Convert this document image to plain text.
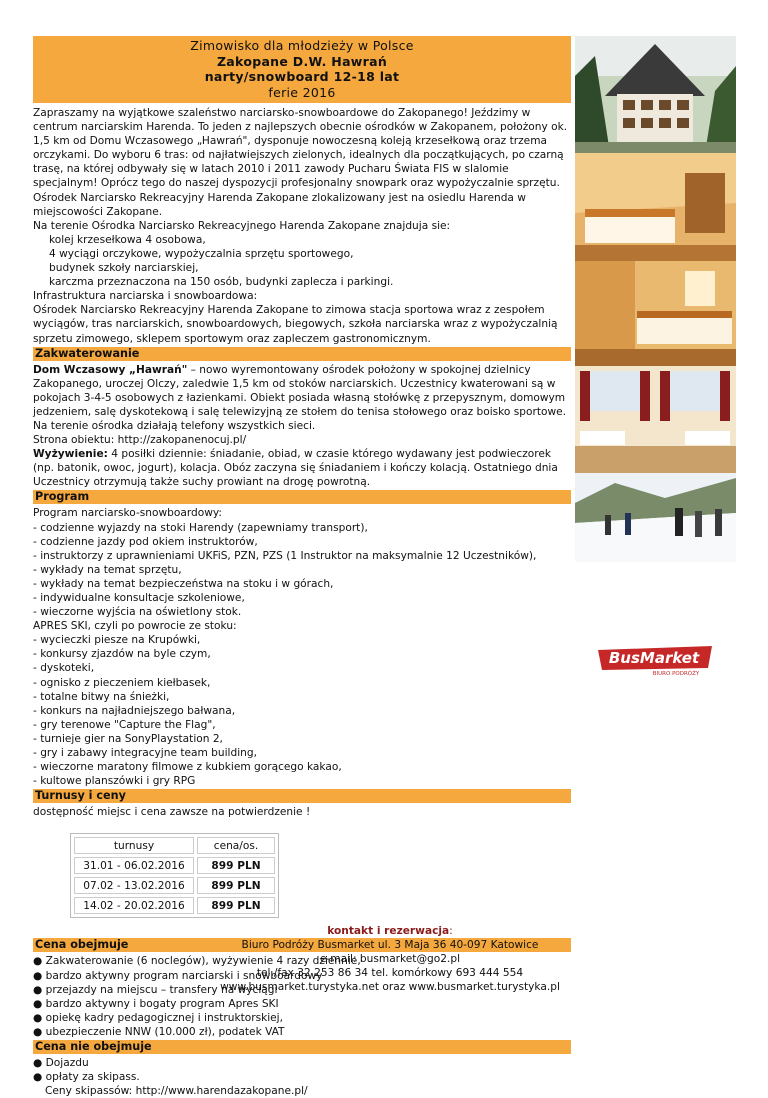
Zimowisko dla młodzieży w Polsce
Zakopane D.W. Hawrań
narty/snowboard 12-18 lat
ferie 2016
Zapraszamy na wyjątkowe szaleństwo narciarsko-snowboardowe do Zakopanego! Jeździmy w centrum narciarskim Harenda. To jeden z najlepszych obecnie ośrodków w Zakopanem, położony ok. 1,5 km od Domu Wczasowego „Hawrań", dysponuje nowoczesną koleją krzesełkową oraz trzema orczykami. Do wyboru 6 tras: od najłatwiejszych zielonych, idealnych dla początkujących, po czarną trasę, na której odbywały się w latach 2010 i 2011 zawody Pucharu Świata FIS w slalomie specjalnym! Oprócz tego do naszej dyspozycji profesjonalny snowpark oraz wypożyczalnie sprzętu.
Ośrodek Narciarsko Rekreacyjny Harenda Zakopane zlokalizowany jest na osiedlu Harenda w miejscowości Zakopane.
Na terenie Ośrodka Narciarsko Rekreacyjnego Harenda Zakopane znajduja sie:
kolej krzesełkowa 4 osobowa,
4 wyciągi orczykowe, wypożyczalnia sprzętu sportowego,
budynek szkoły narciarskiej,
karczma przeznaczona na 150 osób, budynki zaplecza i parkingi.
Infrastruktura narciarska i snowboardowa:
Ośrodek Narciarsko Rekreacyjny Harenda Zakopane to zimowa stacja sportowa wraz z zespołem wyciągów, tras narciarskich, snowboardowych, biegowych, szkoła narciarska wraz z wypożyczalnią sprzetu zimowego, sklepem sportowym oraz zapleczem gastronomicznym.
Zakwaterowanie
Dom Wczasowy „Hawrań" – nowo wyremontowany ośrodek położony w spokojnej dzielnicy Zakopanego, uroczej Olczy, zaledwie 1,5 km od stoków narciarskich. Uczestnicy kwaterowani są w pokojach 3-4-5 osobowych z łazienkami. Obiekt posiada własną stołówkę z przepysznym, domowym jedzeniem, salę dyskotekową i salę telewizyjną ze stołem do tenisa stołowego oraz boisko sportowe. Na terenie ośrodka działają telefony wszystkich sieci.
Strona obiektu: http://zakopanenocuj.pl/
Wyżywienie: 4 posiłki dziennie: śniadanie, obiad, w czasie którego wydawany jest podwieczorek (np. batonik, owoc, jogurt), kolacja. Obóz zaczyna się śniadaniem i kończy kolacją. Ostatniego dnia Uczestnicy otrzymują także suchy prowiant na drogę powrotną.
Program
Program narciarsko-snowboardowy:
- codzienne wyjazdy na stoki Harendy (zapewniamy transport),
- codzienne jazdy pod okiem instruktorów,
- instruktorzy z uprawnieniami UKFiS, PZN, PZS (1 Instruktor na maksymalnie 12 Uczestników),
- wykłady na temat sprzętu,
- wykłady na temat bezpieczeństwa na stoku i w górach,
- indywidualne konsultacje szkoleniowe,
- wieczorne wyjścia na oświetlony stok.
APRES SKI, czyli po powrocie ze stoku:
- wycieczki piesze na Krupówki,
- konkursy zjazdów na byle czym,
- dyskoteki,
- ognisko z pieczeniem kiełbasek,
- totalne bitwy na śnieżki,
- konkurs na najładniejszego bałwana,
- gry terenowe "Capture the Flag",
- turnieje gier na SonyPlaystation 2,
- gry i zabawy integracyjne team building,
- wieczorne maratony filmowe z kubkiem gorącego kakao,
- kultowe planszówki i gry RPG
Turnusy i ceny
dostępność miejsc i cena zawsze na potwierdzenie !
turnusy	cena/os.
31.01 - 06.02.2016	899 PLN
07.02 - 13.02.2016	899 PLN
14.02 - 20.02.2016	899 PLN
Cena obejmuje
● Zakwaterowanie (6 noclegów), wyżywienie 4 razy dziennie,
● bardzo aktywny program narciarski i snowboardowy
● przejazdy na miejscu – transfery na wyciągi
● bardzo aktywny i bogaty program Apres SKI
● opiekę kadry pedagogicznej i instruktorskiej,
● ubezpieczenie NNW (10.000 zł), podatek VAT
Cena nie obejmuje
● Dojazdu
● opłaty za skipass.
Ceny skipassów: http://www.harendazakopane.pl/
BusMarket
BIURO PODRÓŻY
kontakt i rezerwacja:
Biuro Podróży Busmarket ul. 3 Maja 36 40-097 Katowice
e-mail: busmarket@go2.pl
tel./fax 32 253 86 34 tel. komórkowy 693 444 554
www.busmarket.turystyka.net oraz www.busmarket.turystyka.pl
